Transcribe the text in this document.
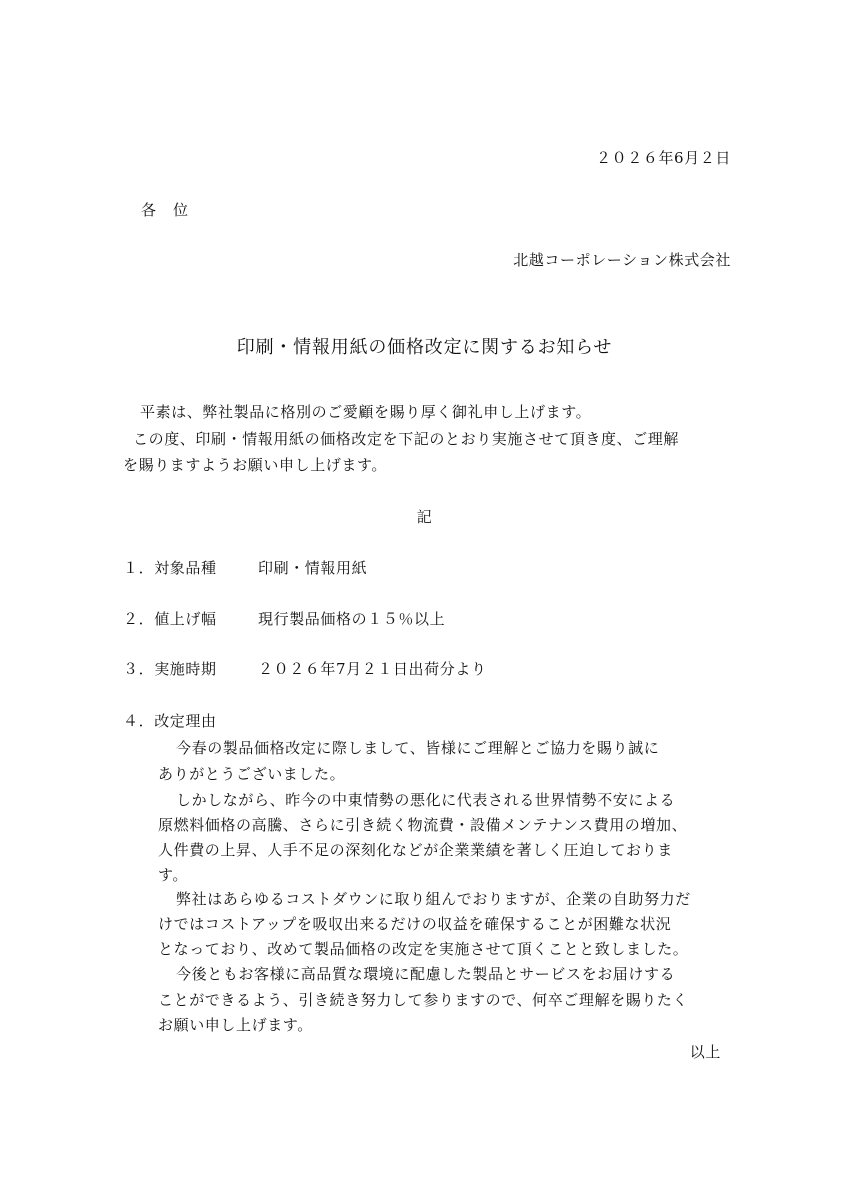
２０２６年6月２日
各　位
北越コーポレーション株式会社
印刷・情報用紙の価格改定に関するお知らせ
平素は、弊社製品に格別のご愛顧を賜り厚く御礼申し上げます。
この度、印刷・情報用紙の価格改定を下記のとおり実施させて頂き度、ご理解
を賜りますようお願い申し上げます。
記
１．対象品種	印刷・情報用紙
２．値上げ幅	現行製品価格の１５％以上
３．実施時期	２０２６年7月２１日出荷分より
４．改定理由
今春の製品価格改定に際しまして、皆様にご理解とご協力を賜り誠に
ありがとうございました。
しかしながら、昨今の中東情勢の悪化に代表される世界情勢不安による
原燃料価格の高騰、さらに引き続く物流費・設備メンテナンス費用の増加、
人件費の上昇、人手不足の深刻化などが企業業績を著しく圧迫しておりま
す。
弊社はあらゆるコストダウンに取り組んでおりますが、企業の自助努力だ
けではコストアップを吸収出来るだけの収益を確保することが困難な状況
となっており、改めて製品価格の改定を実施させて頂くことと致しました。
今後ともお客様に高品質な環境に配慮した製品とサービスをお届けする
ことができるよう、引き続き努力して参りますので、何卒ご理解を賜りたく
お願い申し上げます。
以上
